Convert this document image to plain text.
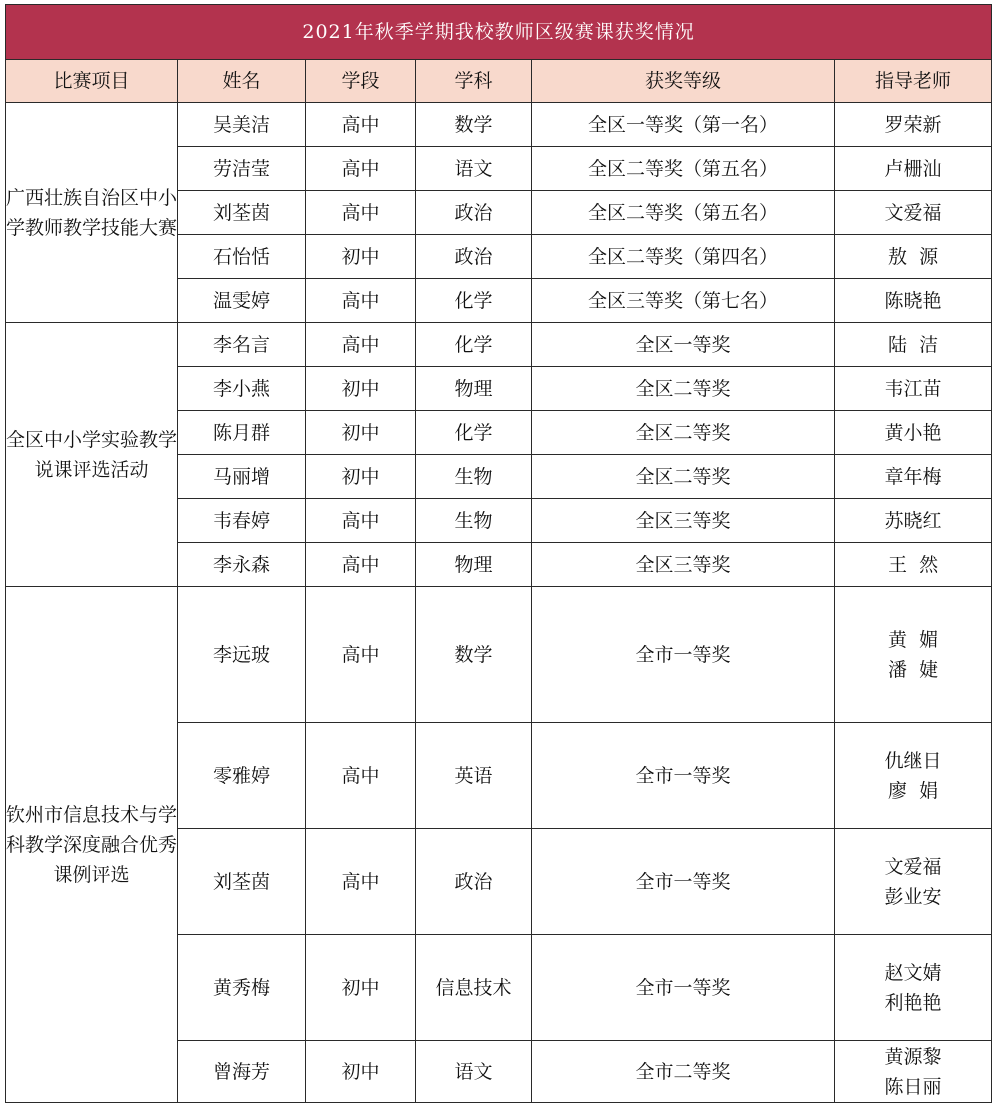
2021年秋季学期我校教师区级赛课获奖情况					
比赛项目	姓名	学段	学科	获奖等级	指导老师
广西壮族自治区中小学教师教学技能大赛	吴美洁	高中	数学	全区一等奖（第一名）	罗荣新

	劳洁莹	高中	语文	全区二等奖（第五名）	卢栅汕

	刘荃茵	高中	政治	全区二等奖（第五名）	文爱福

	石怡恬	初中	政治	全区二等奖（第四名）	敖  源

	温雯婷	高中	化学	全区三等奖（第七名）	陈晓艳

全区中小学实验教学说课评选活动	李名言	高中	化学	全区一等奖	陆  洁

	李小燕	初中	物理	全区二等奖	韦江苗

	陈月群	初中	化学	全区二等奖	黄小艳

	马丽增	初中	生物	全区二等奖	章年梅

	韦春婷	高中	生物	全区三等奖	苏晓红

	李永森	高中	物理	全区三等奖	王  然

钦州市信息技术与学科教学深度融合优秀课例评选	李远玻	高中	数学	全市一等奖	黄  媚
潘  婕

	零雅婷	高中	英语	全市一等奖	仇继日
廖  娟

	刘荃茵	高中	政治	全市一等奖	文爱福
彭业安

	黄秀梅	初中	信息技术	全市一等奖	赵文婧
利艳艳

	曾海芳	初中	语文	全市二等奖	黄源黎
陈日丽
